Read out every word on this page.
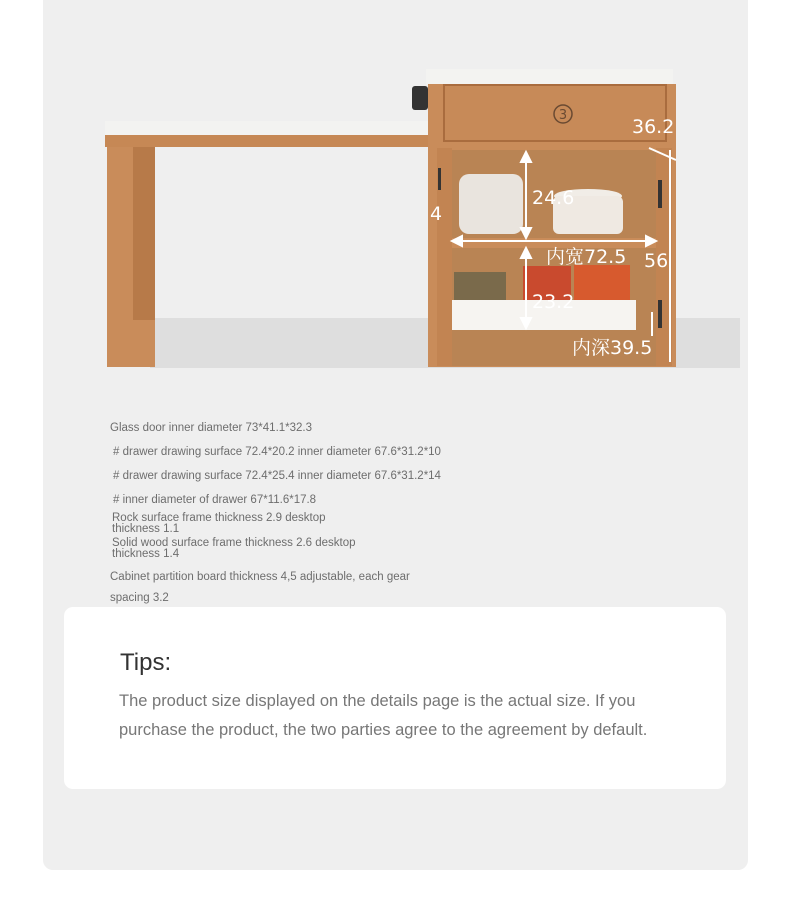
3
36.2
4
24.6
内宽72.5 56
23.2
内深39.5
Glass door inner diameter 73*41.1*32.3
# drawer drawing surface 72.4*20.2 inner diameter 67.6*31.2*10
# drawer drawing surface 72.4*25.4 inner diameter 67.6*31.2*14
# inner diameter of drawer 67*11.6*17.8
Rock surface frame thickness 2.9 desktop thickness 1.1
Solid wood surface frame thickness 2.6 desktop thickness 1.4
Cabinet partition board thickness 4,5 adjustable, each gear spacing 3.2
Tips:
The product size displayed on the details page is the actual size. If you purchase the product, the two parties agree to the agreement by default.
